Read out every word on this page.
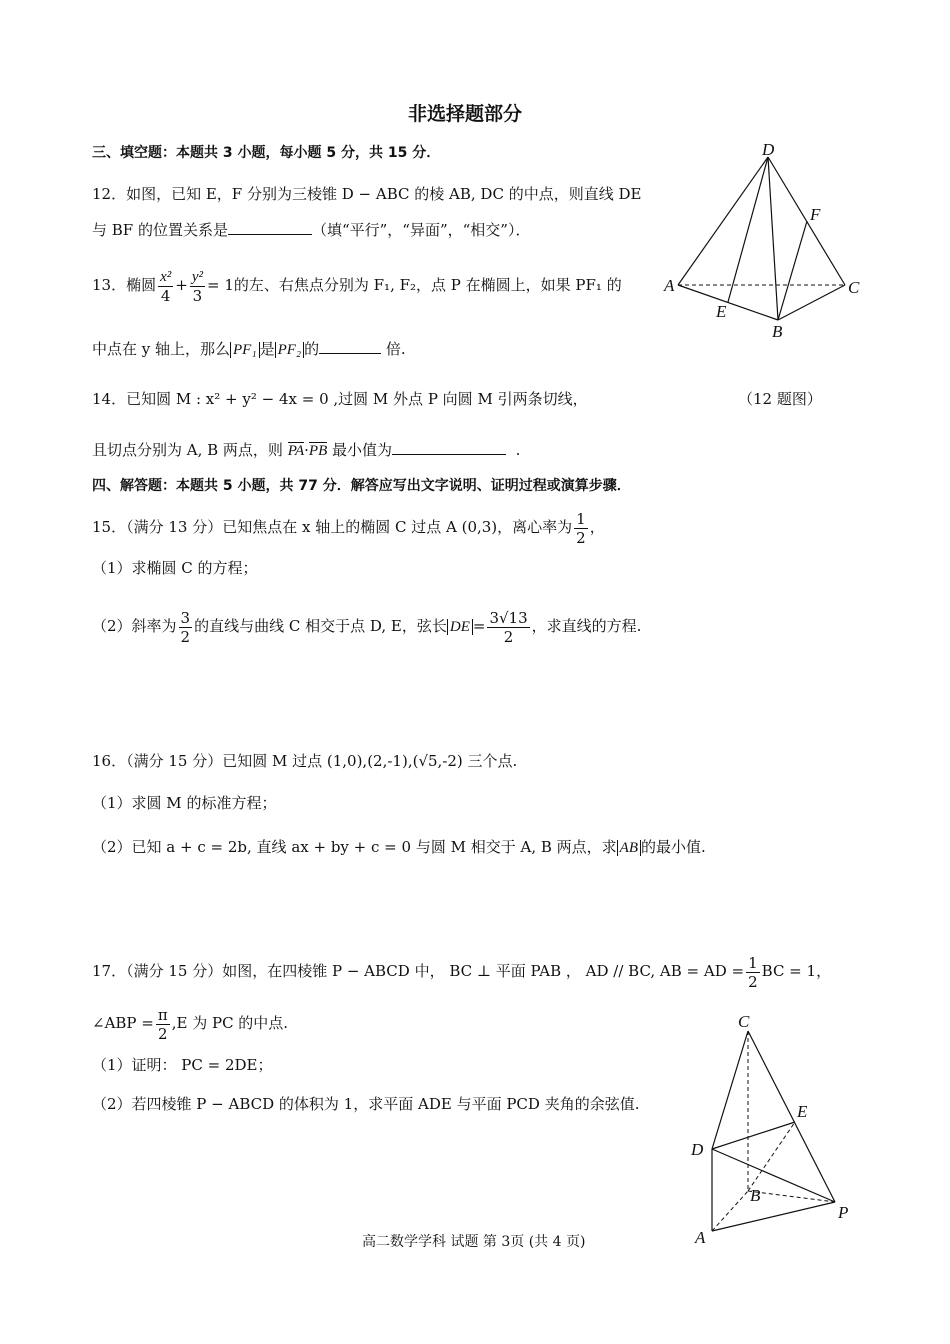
非选择题部分
三、填空题：本题共 3 小题，每小题 5 分，共 15 分．
12．如图，已知 E，F 分别为三棱锥 D − ABC 的棱 AB, DC 的中点，则直线 DE
与 BF 的位置关系是	（填“平行”，“异面”，“相交”）．
D
F
A	C
E
B
13．椭圆 $\frac{\text{x²}}{4} + \frac{\text{y²}}{3} = 1$的左、右焦点分别为 F₁, F₂，点 P 在椭圆上，如果 PF₁ 的
中点在 y 轴上，那么 PF₁ 是 PF₂ 的	倍.
14．已知圆 M : x² + y² − 4x = 0 ,过圆 M 外点 P 向圆 M 引两条切线，	（12 题图）
且切点分别为 A, B 两点，则 PA·PB 最小值为	.
四、解答题：本题共 5 小题，共 77 分．解答应写出文字说明、证明过程或演算步骤．
15．（满分 13 分）已知焦点在 x 轴上的椭圆 C 过点 A (0,3)，离心率为 $\frac{1}{2}$ ，
（1）求椭圆 C 的方程；
（2）斜率为 $\frac{3}{2}$ 的直线与曲线 C 相交于点 D, E，弦长 DE = $\frac{3√13}{2}$ ，求直线的方程.
16．（满分 15 分）已知圆 M 过点 (1,0),(2,-1),(√5,-2) 三个点.
（1）求圆 M 的标准方程；
（2）已知 a + c = 2b, 直线 ax + by + c = 0 与圆 M 相交于 A, B 两点，求 AB 的最小值.
17．（满分 15 分）如图，在四棱锥 P − ABCD 中， BC ⊥ 平面 PAB ， AD // BC, AB = AD = $\frac{1}{2}$ BC = 1，
∠ABP = $\frac{\pi}{2} ,E$ 为 PC 的中点.
（1）证明： PC = 2DE；
（2）若四棱锥 P − ABCD 的体积为 1，求平面 ADE 与平面 PCD 夹角的余弦值.
C
E
D
B
P
A
高二数学学科 试题 第 3页 (共 4 页)
